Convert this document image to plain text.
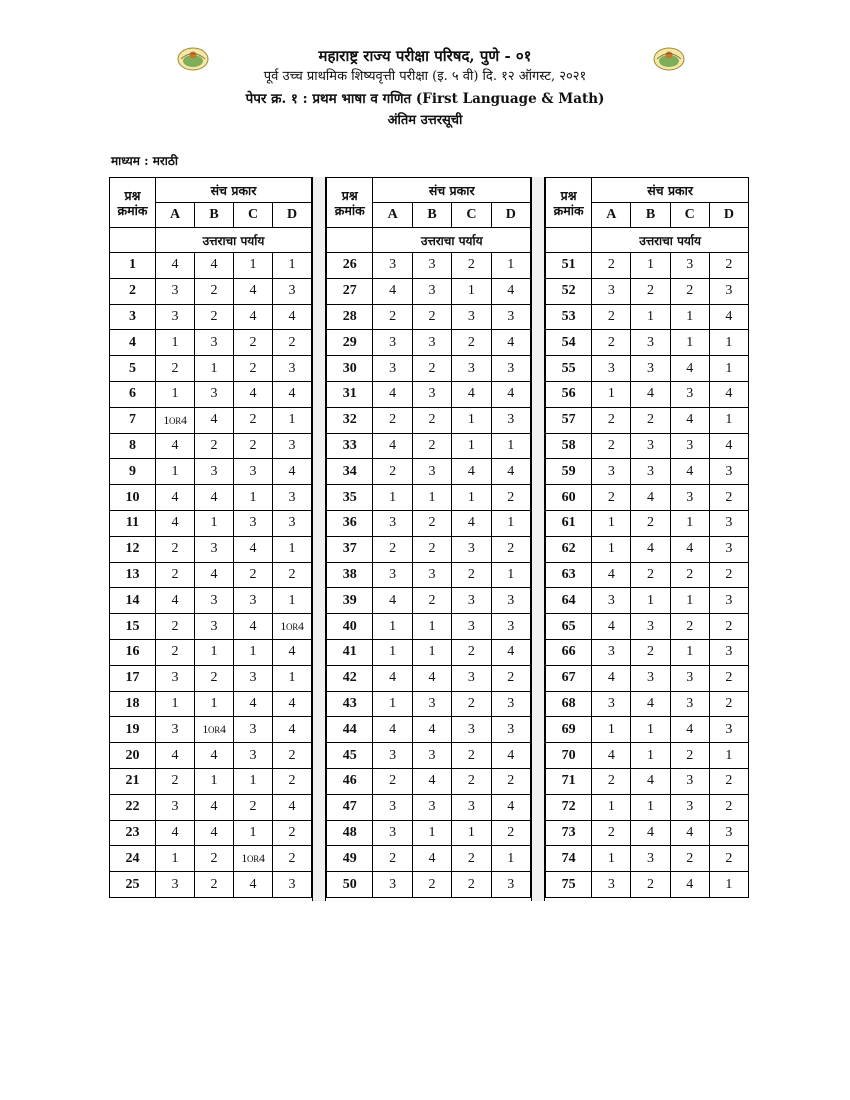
महाराष्ट्र राज्य परीक्षा परिषद, पुणे - ०१
पूर्व उच्च प्राथमिक शिष्यवृत्ती परीक्षा (इ. ५ वी) दि. १२ ऑगस्ट, २०२१
पेपर क्र. १ : प्रथम भाषा व गणित (First Language & Math)
अंतिम उत्तरसूची
माध्यम : मराठी
प्रश्न क्रमांक	संच प्रकार			
	A	B	C	D
	उत्तराचा पर्याय			
1	4	4	1	1
2	3	2	4	3
3	3	2	4	4
4	1	3	2	2
5	2	1	2	3
6	1	3	4	4
7	1OR4	4	2	1
8	4	2	2	3
9	1	3	3	4
10	4	4	1	3
11	4	1	3	3
12	2	3	4	1
13	2	4	2	2
14	4	3	3	1
15	2	3	4	1OR4
16	2	1	1	4
17	3	2	3	1
18	1	1	4	4
19	3	1OR4	3	4
20	4	4	3	2
21	2	1	1	2
22	3	4	2	4
23	4	4	1	2
24	1	2	1OR4	2
25	3	2	4	3
प्रश्न क्रमांक	संच प्रकार			
	A	B	C	D
	उत्तराचा पर्याय			
26	3	3	2	1
27	4	3	1	4
28	2	2	3	3
29	3	3	2	4
30	3	2	3	3
31	4	3	4	4
32	2	2	1	3
33	4	2	1	1
34	2	3	4	4
35	1	1	1	2
36	3	2	4	1
37	2	2	3	2
38	3	3	2	1
39	4	2	3	3
40	1	1	3	3
41	1	1	2	4
42	4	4	3	2
43	1	3	2	3
44	4	4	3	3
45	3	3	2	4
46	2	4	2	2
47	3	3	3	4
48	3	1	1	2
49	2	4	2	1
50	3	2	2	3
प्रश्न क्रमांक	संच प्रकार			
	A	B	C	D
	उत्तराचा पर्याय			
51	2	1	3	2
52	3	2	2	3
53	2	1	1	4
54	2	3	1	1
55	3	3	4	1
56	1	4	3	4
57	2	2	4	1
58	2	3	3	4
59	3	3	4	3
60	2	4	3	2
61	1	2	1	3
62	1	4	4	3
63	4	2	2	2
64	3	1	1	3
65	4	3	2	2
66	3	2	1	3
67	4	3	3	2
68	3	4	3	2
69	1	1	4	3
70	4	1	2	1
71	2	4	3	2
72	1	1	3	2
73	2	4	4	3
74	1	3	2	2
75	3	2	4	1
